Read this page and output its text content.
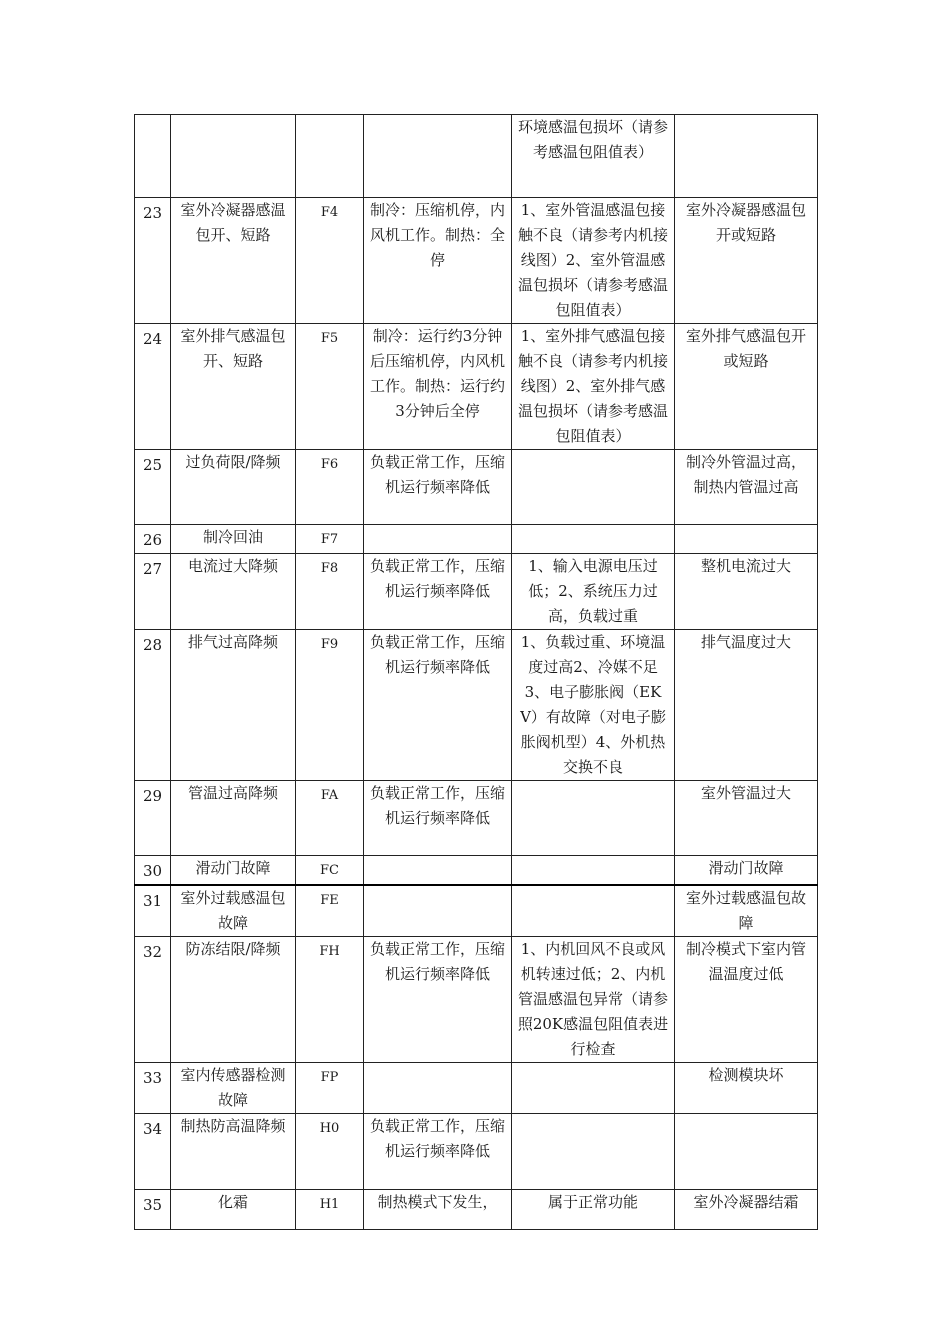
				环境感温包损坏（请参考感温包阻值表）	
23	室外冷凝器感温包开、短路	F4	制冷：压缩机停，内风机工作。制热：全停	1、室外管温感温包接触不良（请参考内机接线图）2、室外管温感温包损坏（请参考感温包阻值表）	室外冷凝器感温包开或短路
24	室外排气感温包开、短路	F5	制冷：运行约3分钟后压缩机停，内风机工作。制热：运行约3分钟后全停	1、室外排气感温包接触不良（请参考内机接线图）2、室外排气感温包损坏（请参考感温包阻值表）	室外排气感温包开或短路
25	过负荷限/降频	F6	负载正常工作，压缩机运行频率降低		制冷外管温过高，制热内管温过高
26	制冷回油	F7			
27	电流过大降频	F8	负载正常工作，压缩机运行频率降低	1、输入电源电压过低；2、系统压力过高，负载过重	整机电流过大
28	排气过高降频	F9	负载正常工作，压缩机运行频率降低	1、负载过重、环境温度过高2、冷媒不足3、电子膨胀阀（EKV）有故障（对电子膨胀阀机型）4、外机热交换不良	排气温度过大
29	管温过高降频	FA	负载正常工作，压缩机运行频率降低		室外管温过大
30	滑动门故障	FC			滑动门故障
31	室外过载感温包故障	FE			室外过载感温包故障
32	防冻结限/降频	FH	负载正常工作，压缩机运行频率降低	1、内机回风不良或风机转速过低；2、内机管温感温包异常（请参照20K感温包阻值表进行检查	制冷模式下室内管温温度过低
33	室内传感器检测故障	FP			检测模块坏
34	制热防高温降频	H0	负载正常工作，压缩机运行频率降低		
35	化霜	H1	制热模式下发生，	属于正常功能	室外冷凝器结霜
